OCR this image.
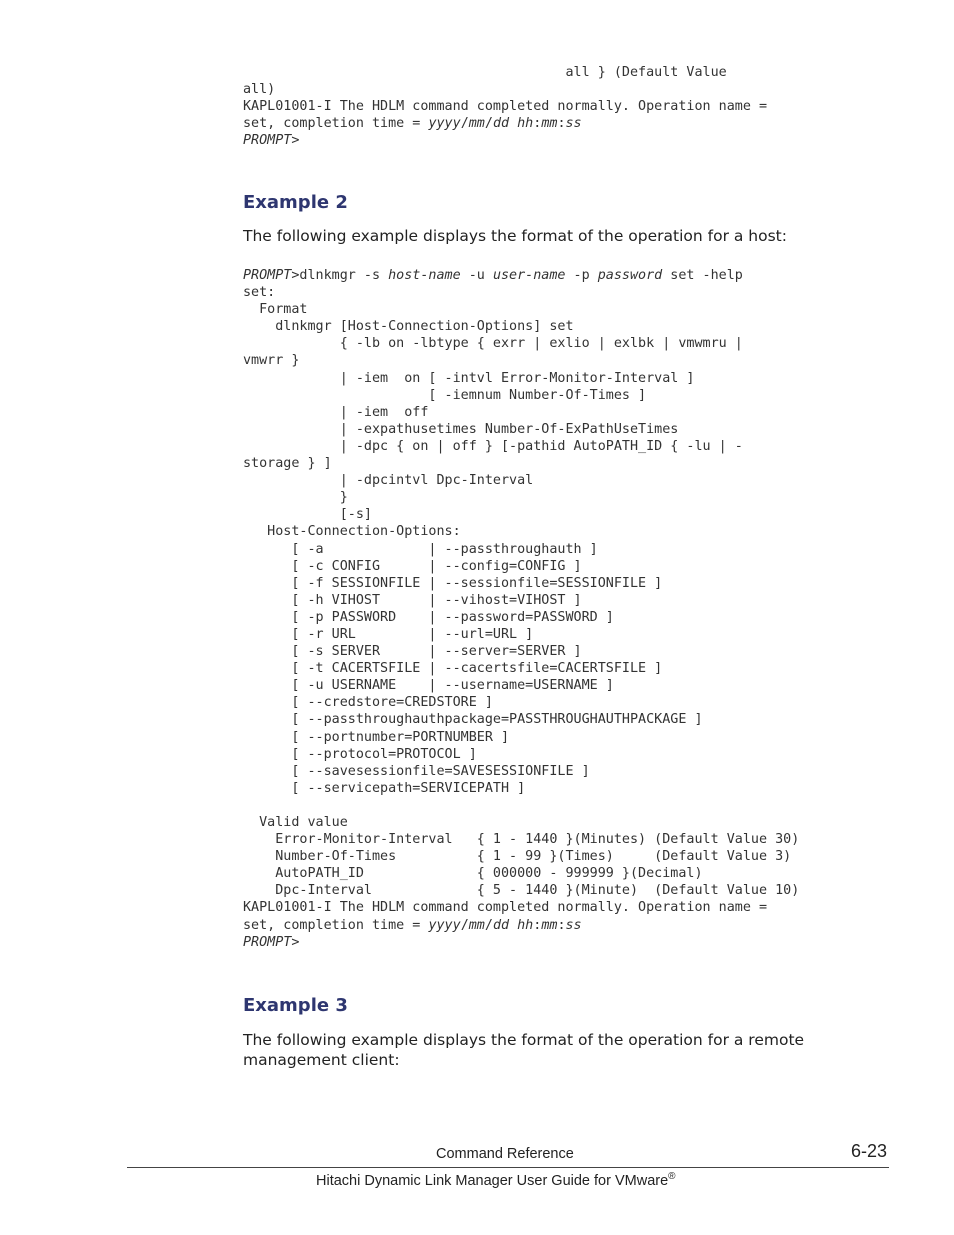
all } (Default Value
all)
KAPL01001-I The HDLM command completed normally. Operation name =
set, completion time = yyyy/mm/dd hh:mm:ss
PROMPT>
Example 2

The following example displays the format of the operation for a host:

PROMPT>dlnkmgr -s host-name -u user-name -p password set -help
set:
Format
dlnkmgr [Host-Connection-Options] set
{ -lb on -lbtype { exrr | exlio | exlbk | vmwmru |
vmwrr }
| -iem  on [ -intvl Error-Monitor-Interval ]
[ -iemnum Number-Of-Times ]
| -iem  off
| -expathusetimes Number-Of-ExPathUseTimes
| -dpc { on | off } [-pathid AutoPATH_ID { -lu | -
storage } ]
| -dpcintvl Dpc-Interval
}
[-s]
Host-Connection-Options:
[ -a             | --passthroughauth ]
[ -c CONFIG      | --config=CONFIG ]
[ -f SESSIONFILE | --sessionfile=SESSIONFILE ]
[ -h VIHOST      | --vihost=VIHOST ]
[ -p PASSWORD    | --password=PASSWORD ]
[ -r URL         | --url=URL ]
[ -s SERVER      | --server=SERVER ]
[ -t CACERTSFILE | --cacertsfile=CACERTSFILE ]
[ -u USERNAME    | --username=USERNAME ]
[ --credstore=CREDSTORE ]
[ --passthroughauthpackage=PASSTHROUGHAUTHPACKAGE ]
[ --portnumber=PORTNUMBER ]
[ --protocol=PROTOCOL ]
[ --savesessionfile=SAVESESSIONFILE ]
[ --servicepath=SERVICEPATH ]
Valid value
Error-Monitor-Interval   { 1 - 1440 }(Minutes) (Default Value 30)
Number-Of-Times          { 1 - 99 }(Times)     (Default Value 3)
AutoPATH_ID              { 000000 - 999999 }(Decimal)
Dpc-Interval             { 5 - 1440 }(Minute)  (Default Value 10)
KAPL01001-I The HDLM command completed normally. Operation name =
set, completion time = yyyy/mm/dd hh:mm:ss
PROMPT>
Example 3

The following example displays the format of the operation for a remote management client:

Command Reference	6-23
Hitachi Dynamic Link Manager User Guide for VMware®
